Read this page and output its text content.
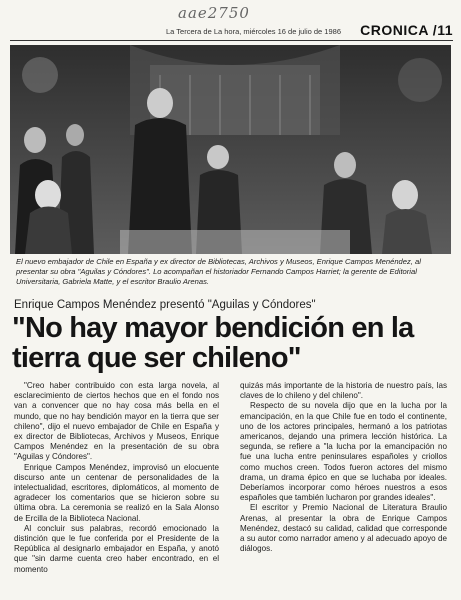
aae2750
La Tercera de La hora, miércoles 16 de julio de 1986 CRONICA /11
El nuevo embajador de Chile en España y ex director de Bibliotecas, Archivos y Museos, Enrique Campos Menéndez, al presentar su obra "Aguilas y Cóndores". Lo acompañan el historiador Fernando Campos Harriet; la gerente de Editorial Universitaria, Gabriela Matte, y el escritor Braulio Arenas.
Enrique Campos Menéndez presentó "Aguilas y Cóndores"
"No hay mayor bendición en la tierra que ser chileno"

"Creo haber contribuido con esta larga novela, al esclarecimiento de ciertos hechos que en el fondo nos van a convencer que no hay cosa más bella en el mundo, que no hay bendición mayor en la tierra que ser chileno", dijo el nuevo embajador de Chile en España y ex director de Bibliotecas, Archivos y Museos, Enrique Campos Menéndez en la presentación de su obra "Aguilas y Cóndores".

Enrique Campos Menéndez, improvisó un elocuente discurso ante un centenar de personalidades de la intelectualidad, escritores, diplomáticos, al momento de agradecer los comentarios que se hicieron sobre su última obra. La ceremonia se realizó en la Sala Alonso de Ercilla de la Biblioteca Nacional.

Al concluir sus palabras, recordó emocionado la distinción que le fue conferida por el Presidente de la República al designarlo embajador en España, y anotó que "sin darme cuenta creo haber encontrado, en el momento

quizás más importante de la historia de nuestro país, las claves de lo chileno y del chileno".

Respecto de su novela dijo que en la lucha por la emancipación, en la que Chile fue en todo el continente, uno de los actores principales, hermanó a los patriotas americanos, dejando una primera lección histórica. La segunda, se refiere a "la lucha por la emancipación no fue una lucha entre peninsulares españoles y criollos como muchos creen. Todos fueron actores del mismo drama, un drama épico en que se luchaba por ideales. Deberíamos incorporar como héroes nuestros a esos españoles que también lucharon por grandes ideales".

El escritor y Premio Nacional de Literatura Braulio Arenas, al presentar la obra de Enrique Campos Menéndez, destacó su calidad, calidad que corresponde a su autor como narrador ameno y al adecuado apoyo de diálogos.
